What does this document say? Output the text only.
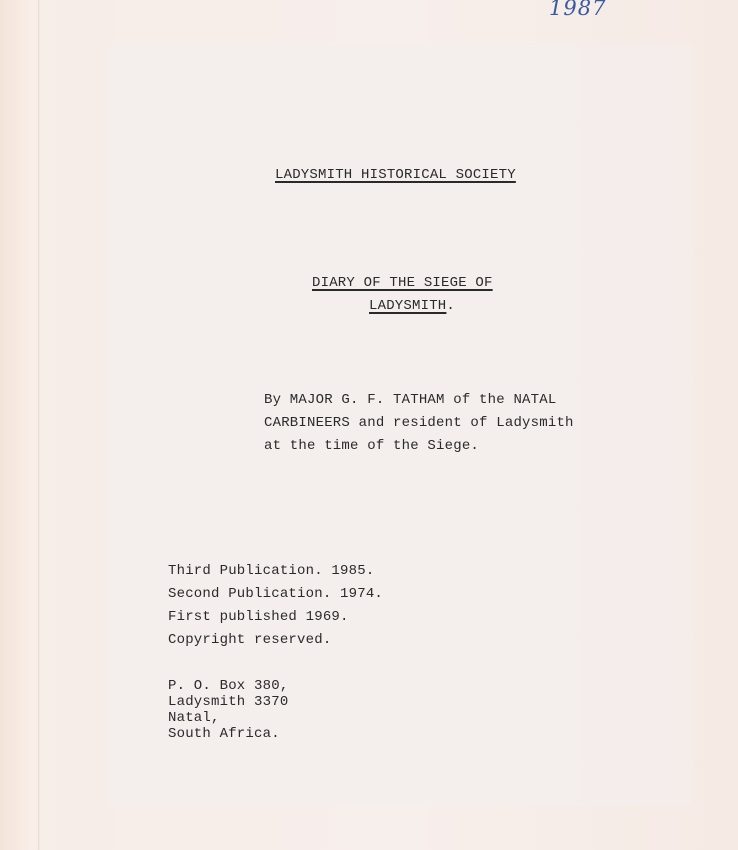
1987
LADYSMITH HISTORICAL SOCIETY
DIARY OF THE SIEGE OF
LADYSMITH.
By MAJOR G. F. TATHAM of the NATAL
CARBINEERS and resident of Ladysmith
at the time of the Siege.
Third Publication. 1985.
Second Publication. 1974.
First published 1969.
Copyright reserved.
P. O. Box 380,
Ladysmith 3370
Natal,
South Africa.
